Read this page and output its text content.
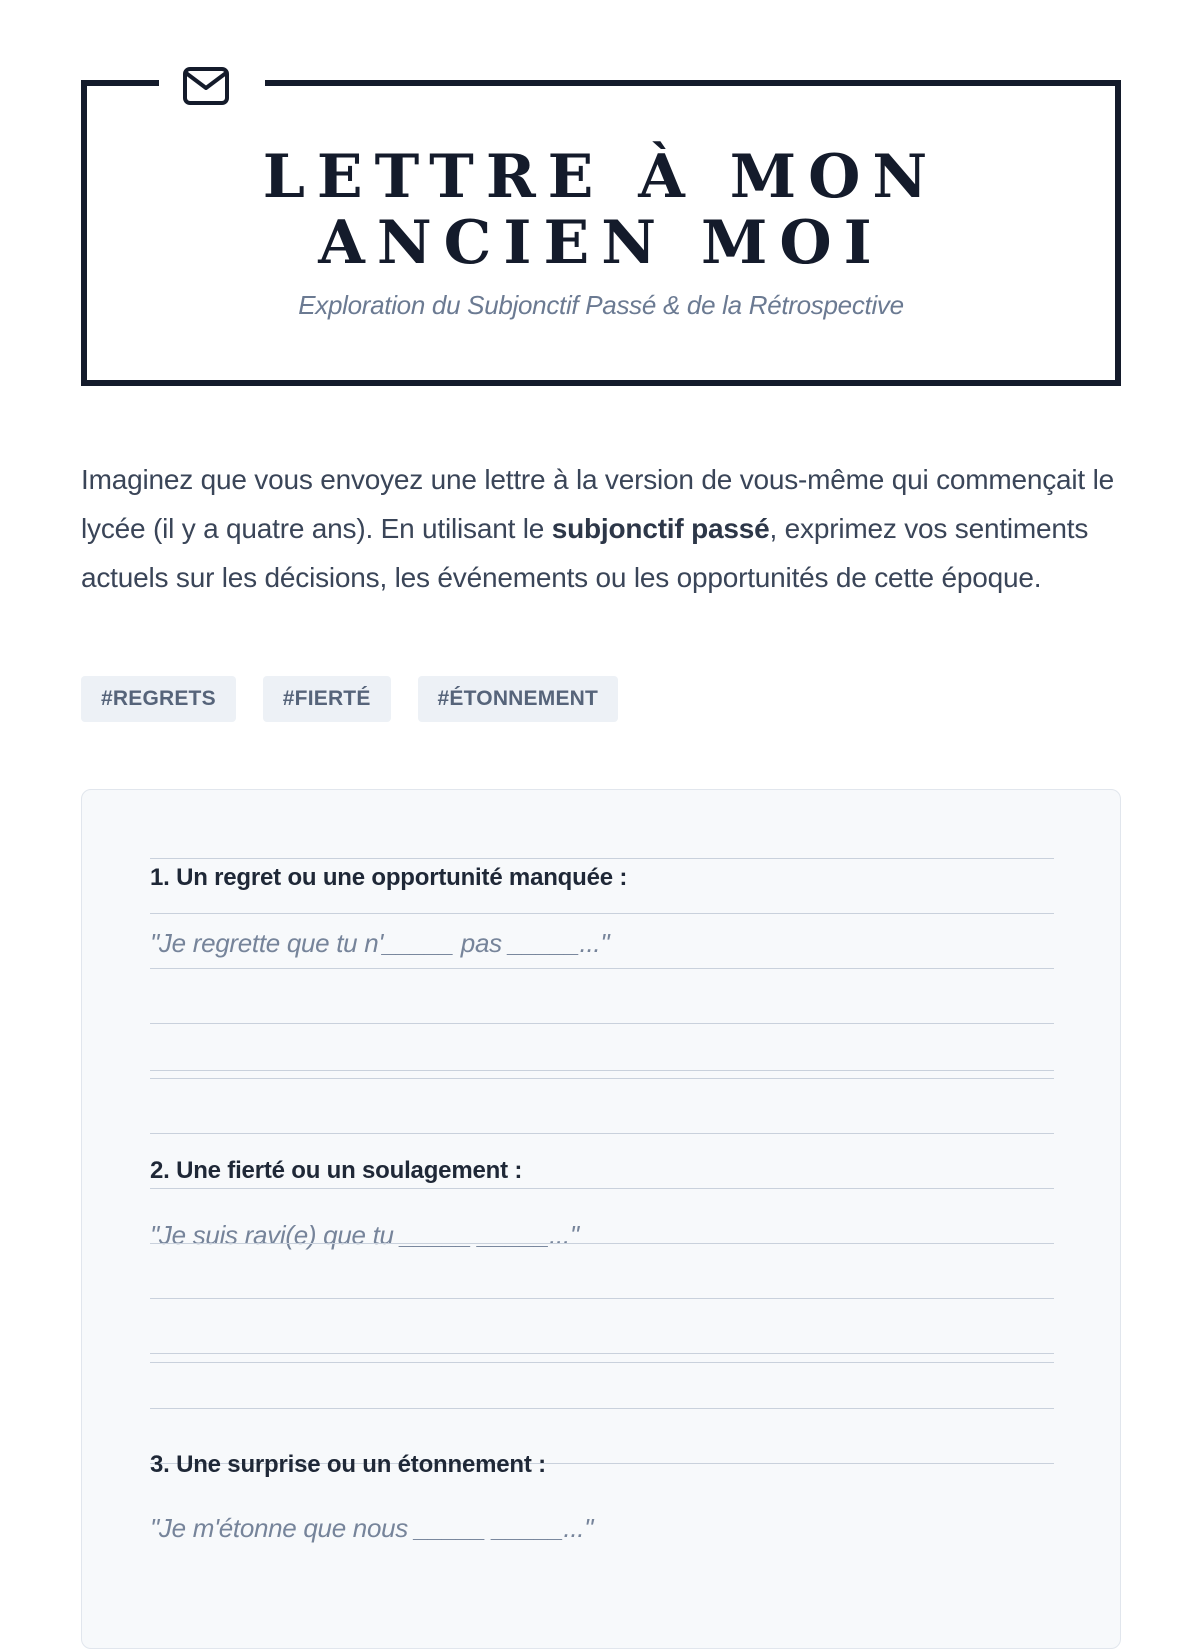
LETTRE À MON
ANCIEN MOI
Exploration du Subjonctif Passé & de la Rétrospective

Imaginez que vous envoyez une lettre à la version de vous-même qui commençait le lycée (il y a quatre ans). En utilisant le subjonctif passé, exprimez vos sentiments actuels sur les décisions, les événements ou les opportunités de cette époque.

#REGRETS	#FIERTÉ	#ÉTONNEMENT
1. Un regret ou une opportunité manquée :
"Je regrette que tu n'_____ pas _____..."
2. Une fierté ou un soulagement :
"Je suis ravi(e) que tu _____ _____..."
3. Une surprise ou un étonnement :
"Je m'étonne que nous _____ _____..."
